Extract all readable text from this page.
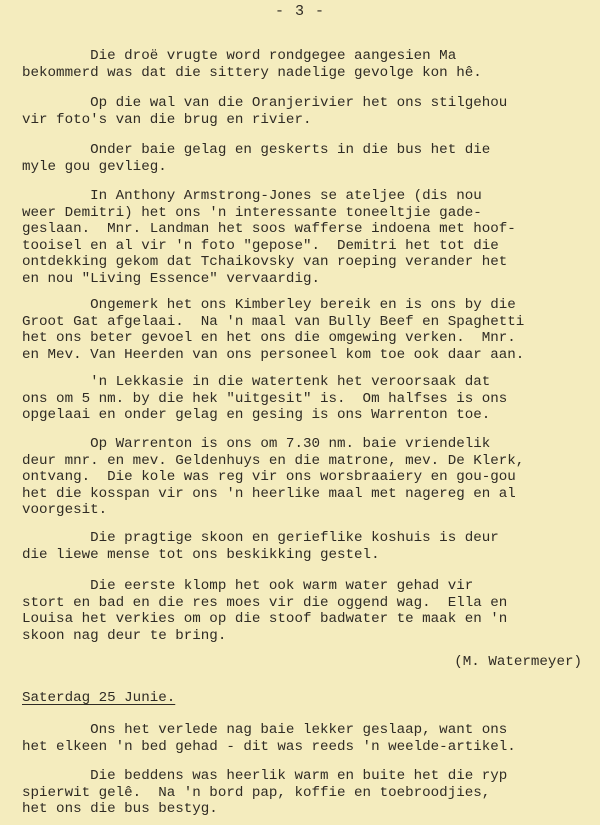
- 3 -
Die droë vrugte word rondgegee aangesien Ma
bekommerd was dat die sittery nadelige gevolge kon hê.
Op die wal van die Oranjerivier het ons stilgehou
vir foto's van die brug en rivier.
Onder baie gelag en geskerts in die bus het die
myle gou gevlieg.
In Anthony Armstrong-Jones se ateljee (dis nou
weer Demitri) het ons 'n interessante toneeltjie gade-
geslaan.  Mnr. Landman het soos wafferse indoena met hoof-
tooisel en al vir 'n foto "gepose".  Demitri het tot die
ontdekking gekom dat Tchaikovsky van roeping verander het
en nou "Living Essence" vervaardig.
Ongemerk het ons Kimberley bereik en is ons by die
Groot Gat afgelaai.  Na 'n maal van Bully Beef en Spaghetti
het ons beter gevoel en het ons die omgewing verken.  Mnr.
en Mev. Van Heerden van ons personeel kom toe ook daar aan.
'n Lekkasie in die watertenk het veroorsaak dat
ons om 5 nm. by die hek "uitgesit" is.  Om halfses is ons
opgelaai en onder gelag en gesing is ons Warrenton toe.
Op Warrenton is ons om 7.30 nm. baie vriendelik
deur mnr. en mev. Geldenhuys en die matrone, mev. De Klerk,
ontvang.  Die kole was reg vir ons worsbraaiery en gou-gou
het die kosspan vir ons 'n heerlike maal met nagereg en al
voorgesit.
Die pragtige skoon en gerieflike koshuis is deur
die liewe mense tot ons beskikking gestel.
Die eerste klomp het ook warm water gehad vir
stort en bad en die res moes vir die oggend wag.  Ella en
Louisa het verkies om op die stoof badwater te maak en 'n
skoon nag deur te bring.
(M. Watermeyer)
Saterdag 25 Junie.
Ons het verlede nag baie lekker geslaap, want ons
het elkeen 'n bed gehad - dit was reeds 'n weelde-artikel.
Die beddens was heerlik warm en buite het die ryp
spierwit gelê.  Na 'n bord pap, koffie en toebroodjies,
het ons die bus bestyg.
